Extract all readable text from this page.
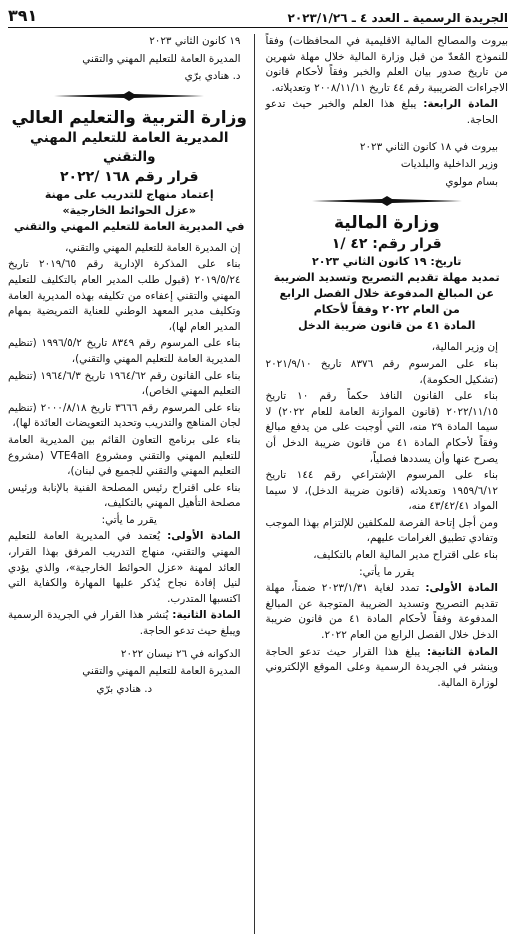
الجريدة الرسمية ـ العدد ٤ ـ ٢٠٢٣/١/٢٦
٣٩١

بيروت والمصالح المالية الاقليمية في المحافظات) وفقاً للنموذج المُعدّ من قبل وزارة المالية خلال مهلة شهرين من تاريخ صدور بيان العلم والخبر وفقاً لأحكام قانون الاجراءات الضريبية رقم ٤٤ تاريخ ٢٠٠٨/١١/١١ وتعديلاته.

المادة الرابعة: يبلغ هذا العلم والخبر حيث تدعو الحاجة.

بيروت في ١٨ كانون الثاني ٢٠٢٣

وزير الداخلية والبلديات

بسام مولوي

وزارة المالية
قرار رقم: ٤٢ /١
تاريخ: ١٩ كانون الثاني ٢٠٢٣
تمديد مهلة تقديم التصريح وتسديد الضريبة
عن المبالغ المدفوعة خلال الفصل الرابع
من العام ٢٠٢٢ وفقاً لأحكام
المادة ٤١ من قانون ضريبة الدخل

إن وزير المالية،

بناء على المرسوم رقم ٨٣٧٦ تاريخ ٢٠٢١/٩/١٠ (تشكيل الحكومة)،

بناء على القانون النافذ حكماً رقم ١٠ تاريخ ٢٠٢٢/١١/١٥ (قانون الموازنة العامة للعام ٢٠٢٢) لا سيما المادة ٢٩ منه، التي أوجبت على من يدفع مبالغ وفقاً لأحكام المادة ٤١ من قانون ضريبة الدخل أن يصرح عنها وأن يسددها فصلياً،

بناء على المرسوم الإشتراعي رقم ١٤٤ تاريخ ١٩٥٩/٦/١٢ وتعديلاته (قانون ضريبة الدخل)، لا سيما المواد ٤٣/٤٢/٤١ منه،

ومن أجل إتاحة الفرصة للمكلفين للإلتزام بهذا الموجب وتفادي تطبيق الغرامات عليهم،

بناء على اقتراح مدير المالية العام بالتكليف،

يقرر ما يأتي:

المادة الأولى: تمدد لغاية ٢٠٢٣/١/٣١ ضمناً، مهلة تقديم التصريح وتسديد الضريبة المتوجبة عن المبالغ المدفوعة وفقاً لأحكام المادة ٤١ من قانون ضريبة الدخل خلال الفصل الرابع من العام ٢٠٢٢.

المادة الثانية: يبلغ هذا القرار حيث تدعو الحاجة وينشر في الجريدة الرسمية وعلى الموقع الإلكتروني لوزارة المالية.

١٩ كانون الثاني ٢٠٢٣

المديرة العامة للتعليم المهني والتقني

د. هنادي برّي

وزارة التربية والتعليم العالي
المديرية العامة للتعليم المهني والتقني
قرار رقم ١٦٨ /٢٠٢٢
إعتماد منهاج للتدريب على مهنة
«عزل الحوائط الخارجية»
في المديرية العامة للتعليم المهني والتقني

إن المديرة العامة للتعليم المهني والتقني،

بناء على المذكرة الإدارية رقم ٢٠١٩/٦٥ تاريخ ٢٠١٩/٥/٢٤ (قبول طلب المدير العام بالتكليف للتعليم المهني والتقني إعفاءه من تكليفه بهذه المديرية العامة وتكليف مدير المعهد الوطني للعناية التمريضية بمهام المدير العام لها)،

بناء على المرسوم رقم ٨٣٤٩ تاريخ ١٩٩٦/٥/٢ (تنظيم المديرية العامة للتعليم المهني والتقني)،

بناء على القانون رقم ١٩٦٤/٦٢ تاريخ ١٩٦٤/٦/٣ (تنظيم التعليم المهني الخاص)،

بناء على المرسوم رقم ٣٦٦٦ تاريخ ٢٠٠٠/٨/١٨ (تنظيم لجان المناهج والتدريب وتحديد التعويضات العائدة لها)،

بناء على برنامج التعاون القائم بين المديرية العامة للتعليم المهني والتقني ومشروع VTE4all (مشروع التعليم المهني والتقني للجميع في لبنان)،

بناء على اقتراح رئيس المصلحة الفنية بالإنابة ورئيس مصلحة التأهيل المهني بالتكليف،

يقرر ما يأتي:

المادة الأولى: يُعتمد في المديرية العامة للتعليم المهني والتقني، منهاج التدريب المرفق بهذا القرار، العائد لمهنة «عزل الحوائط الخارجية»، والذي يؤدي لنيل إفادة نجاح يُذكر عليها المهارة والكفاية التي اكتسبها المتدرب.

المادة الثانية: يُنشر هذا القرار في الجريدة الرسمية ويبلغ حيث تدعو الحاجة.

الدكوانه في ٢٦ نيسان ٢٠٢٢

المديرة العامة للتعليم المهني والتقني

د. هنادي برّي
